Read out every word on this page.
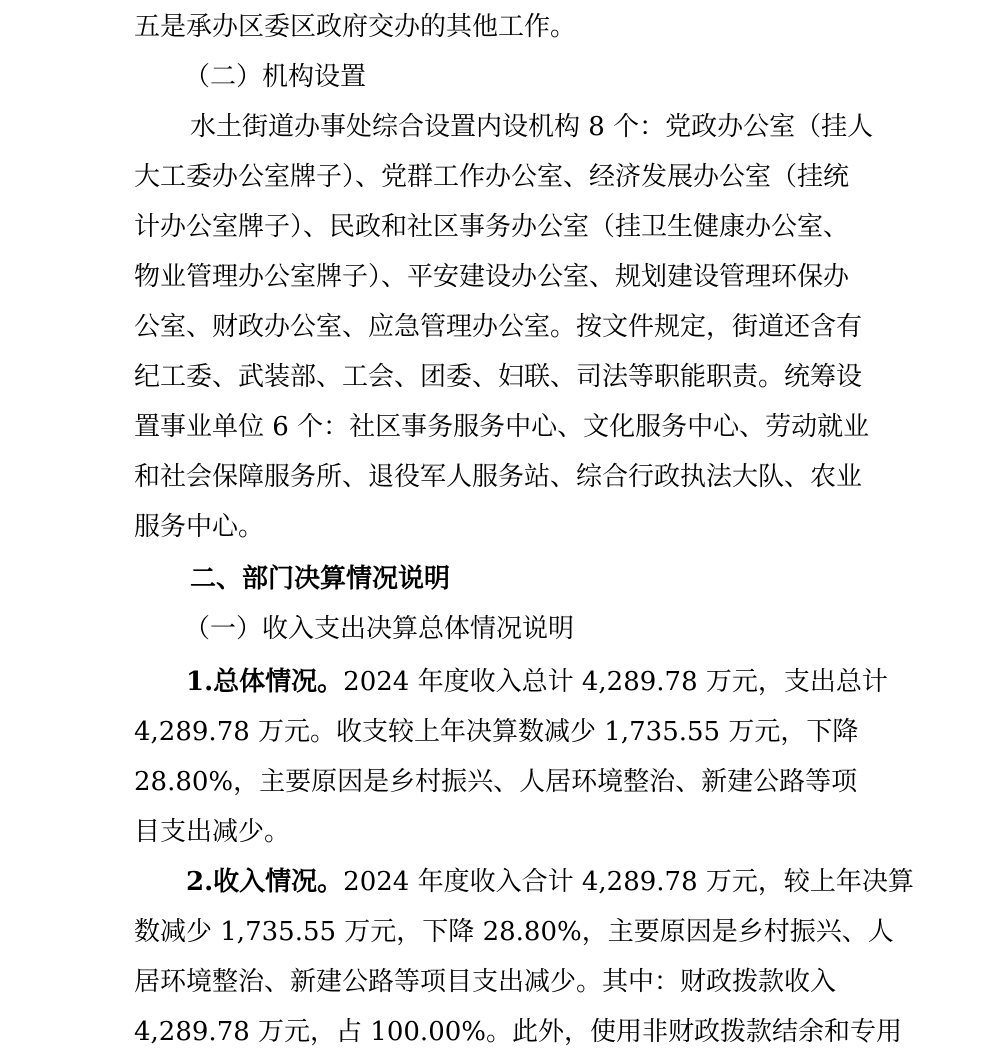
五是承办区委区政府交办的其他工作。
（二）机构设置
水土街道办事处综合设置内设机构 8 个：党政办公室（挂人
大工委办公室牌子）、党群工作办公室、经济发展办公室（挂统
计办公室牌子）、民政和社区事务办公室（挂卫生健康办公室、
物业管理办公室牌子）、平安建设办公室、规划建设管理环保办
公室、财政办公室、应急管理办公室。按文件规定，街道还含有
纪工委、武装部、工会、团委、妇联、司法等职能职责。统筹设
置事业单位 6 个：社区事务服务中心、文化服务中心、劳动就业
和社会保障服务所、退役军人服务站、综合行政执法大队、农业
服务中心。
二、部门决算情况说明
（一）收入支出决算总体情况说明
1.总体情况。2024 年度收入总计 4,289.78 万元，支出总计
4,289.78 万元。收支较上年决算数减少 1,735.55 万元，下降
28.80%，主要原因是乡村振兴、人居环境整治、新建公路等项
目支出减少。
2.收入情况。2024 年度收入合计 4,289.78 万元，较上年决算
数减少 1,735.55 万元，下降 28.80%，主要原因是乡村振兴、人
居环境整治、新建公路等项目支出减少。其中：财政拨款收入
4,289.78 万元，占 100.00%。此外，使用非财政拨款结余和专用
